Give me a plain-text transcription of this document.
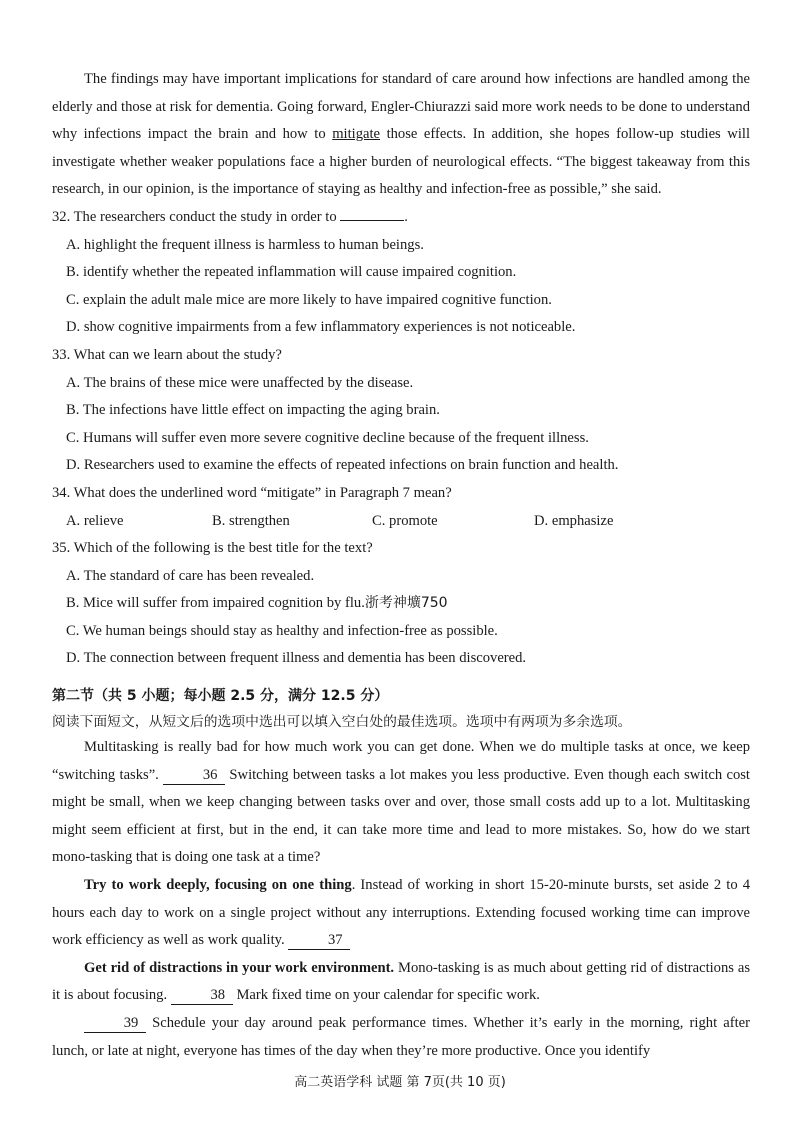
The findings may have important implications for standard of care around how infections are handled among the elderly and those at risk for dementia. Going forward, Engler-Chiurazzi said more work needs to be done to understand why infections impact the brain and how to mitigate those effects. In addition, she hopes follow-up studies will investigate whether weaker populations face a higher burden of neurological effects. “The biggest takeaway from this research, in our opinion, is the importance of staying as healthy and infection-free as possible,” she said.

32. The researchers conduct the study in order to	.

A. highlight the frequent illness is harmless to human beings.

B. identify whether the repeated inflammation will cause impaired cognition.

C. explain the adult male mice are more likely to have impaired cognitive function.

D. show cognitive impairments from a few inflammatory experiences is not noticeable.

33. What can we learn about the study?

A. The brains of these mice were unaffected by the disease.

B. The infections have little effect on impacting the aging brain.

C. Humans will suffer even more severe cognitive decline because of the frequent illness.

D. Researchers used to examine the effects of repeated infections on brain function and health.

34. What does the underlined word “mitigate” in Paragraph 7 mean?

A. relieve	B. strengthen	C. promote	D. emphasize

35. Which of the following is the best title for the text?

A. The standard of care has been revealed.

B. Mice will suffer from impaired cognition by flu.浙考神壙750

C. We human beings should stay as healthy and infection-free as possible.

D. The connection between frequent illness and dementia has been discovered.

第二节（共 5 小题；每小题 2.5 分，满分 12.5 分）

阅读下面短文，从短文后的选项中选出可以填入空白处的最佳选项。选项中有两项为多余选项。

Multitasking is really bad for how much work you can get done. When we do multiple tasks at once, we keep “switching tasks”.	36 Switching between tasks a lot makes you less productive. Even though each switch cost might be small, when we keep changing between tasks over and over, those small costs add up to a lot. Multitasking might seem efficient at first, but in the end, it can take more time and lead to more mistakes. So, how do we start mono-tasking that is doing one task at a time?

Try to work deeply, focusing on one thing. Instead of working in short 15-20-minute bursts, set aside 2 to 4 hours each day to work on a single project without any interruptions. Extending focused working time can improve work efficiency as well as work quality.	37

Get rid of distractions in your work environment. Mono-tasking is as much about getting rid of distractions as it is about focusing.	38 Mark fixed time on your calendar for specific work.

39 Schedule your day around peak performance times. Whether it’s early in the morning, right after lunch, or late at night, everyone has times of the day when they’re more productive. Once you identify

高二英语学科 试题 第 7页(共 10 页)
